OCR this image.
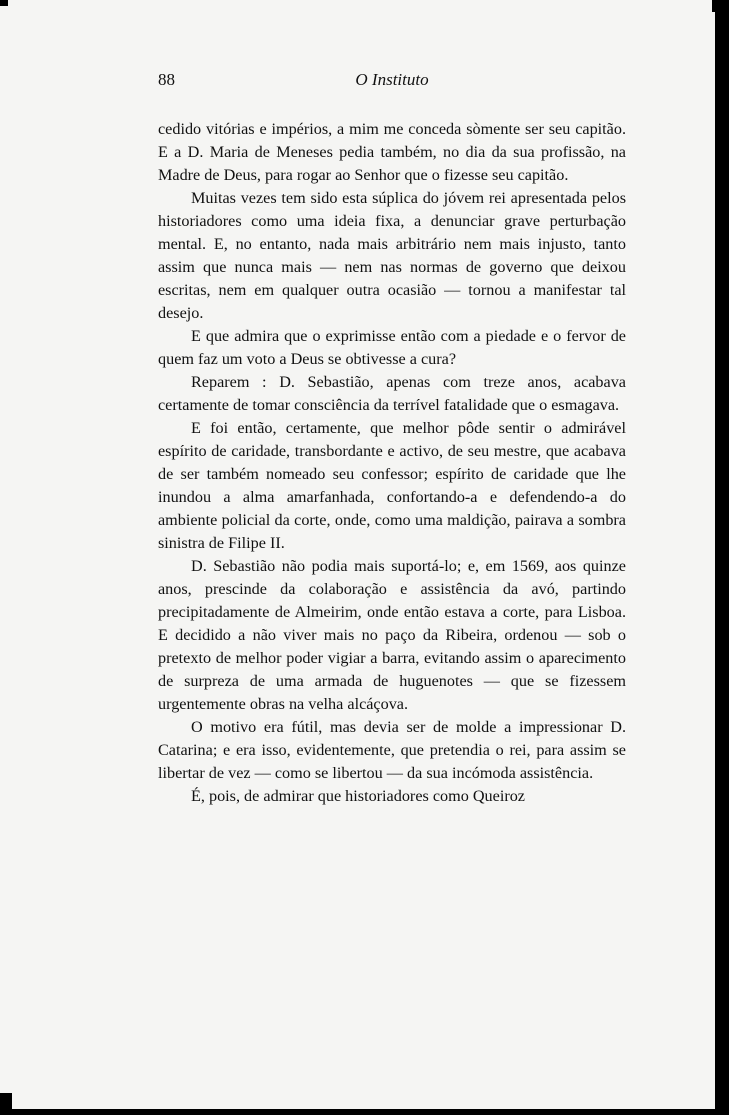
88	O Instituto

cedido vitórias e impérios, a mim me conceda sòmente ser seu capitão. E a D. Maria de Meneses pedia também, no dia da sua profissão, na Madre de Deus, para rogar ao Senhor que o fizesse seu capitão.

Muitas vezes tem sido esta súplica do jóvem rei apresentada pelos historiadores como uma ideia fixa, a denunciar grave perturbação mental. E, no entanto, nada mais arbitrário nem mais injusto, tanto assim que nunca mais — nem nas normas de governo que deixou escritas, nem em qualquer outra ocasião — tornou a manifestar tal desejo.

E que admira que o exprimisse então com a piedade e o fervor de quem faz um voto a Deus se obtivesse a cura?

Reparem : D. Sebastião, apenas com treze anos, acabava certamente de tomar consciência da terrível fatalidade que o esmagava.

E foi então, certamente, que melhor pôde sentir o admirável espírito de caridade, transbordante e activo, de seu mestre, que acabava de ser também nomeado seu confessor; espírito de caridade que lhe inundou a alma amarfanhada, confortando-a e defendendo-a do ambiente policial da corte, onde, como uma maldição, pairava a sombra sinistra de Filipe II.

D. Sebastião não podia mais suportá-lo; e, em 1569, aos quinze anos, prescinde da colaboração e assistência da avó, partindo precipitadamente de Almeirim, onde então estava a corte, para Lisboa. E decidido a não viver mais no paço da Ribeira, ordenou — sob o pretexto de melhor poder vigiar a barra, evitando assim o aparecimento de surpreza de uma armada de huguenotes — que se fizessem urgentemente obras na velha alcáçova.

O motivo era fútil, mas devia ser de molde a impressionar D. Catarina; e era isso, evidentemente, que pretendia o rei, para assim se libertar de vez — como se libertou — da sua incómoda assistência.

É, pois, de admirar que historiadores como Queiroz
